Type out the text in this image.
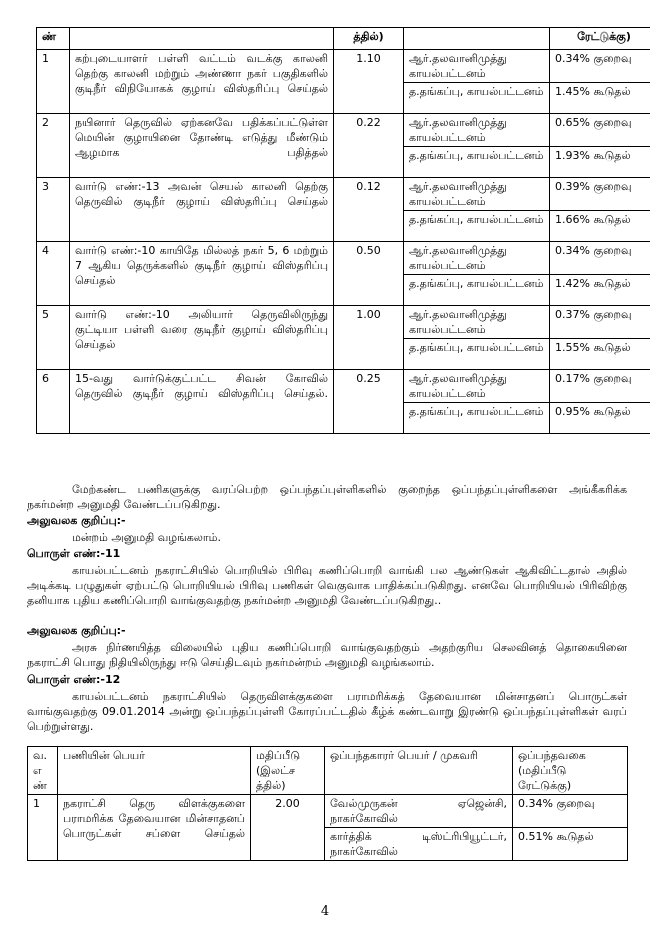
ண்		த்தில்)		ரேட்டுக்கு)
1	கற்புடையாளர் பள்ளி வட்டம் வடக்கு காலனி தெற்கு காலனி மற்றும் அண்ணா நகர் பகுதிகளில் குடிநீர் விநியோகக் குழாய் விஸ்தரிப்பு செய்தல்	1.10	ஆர்.தலவானிமுத்து காயல்பட்டனம்	0.34% குறைவு
			த.தங்கப்பு, காயல்பட்டனம்	1.45% கூடுதல்
2	நயினார் தெருவில் ஏற்கனவே பதிக்கப்பட்டுள்ள மெயின் குழாயினை தோண்டி எடுத்து மீண்டும் ஆழமாக பதித்தல்	0.22	ஆர்.தலவானிமுத்து காயல்பட்டனம்	0.65% குறைவு
			த.தங்கப்பு, காயல்பட்டனம்	1.93% கூடுதல்
3	வார்டு எண்:-13 அவன் செயல் காலனி தெற்கு தெருவில் குடிநீர் குழாய் விஸ்தரிப்பு செய்தல்	0.12	ஆர்.தலவானிமுத்து காயல்பட்டனம்	0.39% குறைவு
			த.தங்கப்பு, காயல்பட்டனம்	1.66% கூடுதல்
4	வார்டு எண்:-10 காயிதே மில்லத் நகர் 5, 6 மற்றும் 7 ஆகிய தெருக்களில் குடிநீர் குழாய் விஸ்தரிப்பு செய்தல்	0.50	ஆர்.தலவானிமுத்து காயல்பட்டனம்	0.34% குறைவு
			த.தங்கப்பு, காயல்பட்டனம்	1.42% கூடுதல்
5	வார்டு எண்:-10 அலியார் தெருவிலிருந்து குட்டியா பள்ளி வரை குடிநீர் குழாய் விஸ்தரிப்பு செய்தல்	1.00	ஆர்.தலவானிமுத்து காயல்பட்டனம்	0.37% குறைவு
			த.தங்கப்பு, காயல்பட்டனம்	1.55% கூடுதல்
6	15-வது வார்டுக்குட்பட்ட சிவன் கோவில் தெருவில் குடிநீர் குழாய் விஸ்தரிப்பு செய்தல்.	0.25	ஆர்.தலவானிமுத்து காயல்பட்டனம்	0.17% குறைவு
			த.தங்கப்பு, காயல்பட்டனம்	0.95% கூடுதல்
மேற்கண்ட பணிகளுக்கு வரப்பெற்ற ஒப்பந்தப்புள்ளிகளில் குறைந்த ஒப்பந்தப்புள்ளிகளை அங்கீகரிக்க நகர்மன்ற அனுமதி வேண்டப்படுகிறது.
அலுவலக குறிப்பு:-
மன்றம் அனுமதி வழங்கலாம்.
பொருள் எண்:-11
காயல்பட்டனம் நகராட்சியில் பொறியில் பிரிவு கணிப்பொறி வாங்கி பல ஆண்டுகள் ஆகிவிட்டதால் அதில் அடிக்கடி பழுதுகள் ஏற்பட்டு பொறியியல் பிரிவு பணிகள் வெகுவாக பாதிக்கப்படுகிறது. எனவே பொறியியல் பிரிவிற்கு தனியாக புதிய கணிப்பொறி வாங்குவதற்கு நகர்மன்ற அனுமதி வேண்டப்படுகிறது..
அலுவலக குறிப்பு:-
அரசு நிர்ணயித்த விலையில் புதிய கணிப்பொறி வாங்குவதற்கும் அதற்குரிய செலவினத் தொகையினை நகராட்சி பொது நிதியிலிருந்து ஈடு செய்திடவும் நகர்மன்றம் அனுமதி வழங்கலாம்.
பொருள் எண்:-12
காயல்பட்டனம் நகராட்சியில் தெருவிளக்குகளை பராமரிக்கத் தேவையான மின்சாதனப் பொருட்கள் வாங்குவதற்கு 09.01.2014 அன்று ஒப்பந்தப்புள்ளி கோரப்பட்டதில் கீழ்க் கண்டவாறு இரண்டு ஒப்பந்தப்புள்ளிகள் வரப் பெற்றுள்ளது.
வ. எ ண்	பணியின் பெயர்	மதிப்பீடு (இலட்ச த்தில்)	ஒப்பந்தகாரர் பெயர் / முகவரி	ஒப்பந்தவகை (மதிப்பீடு ரேட்டுக்கு)
1	நகராட்சி தெரு விளக்குகளை பராமரிக்க தேவையான மின்சாதனப் பொருட்கள் சப்ளை செய்தல்	2.00	வேல்முருகன் ஏஜென்சி, நாகர்கோவில்	0.34% குறைவு
			கார்த்திக் டிஸ்ட்ரிபியூட்டர், நாகர்கோவில்	0.51% கூடுதல்
4
